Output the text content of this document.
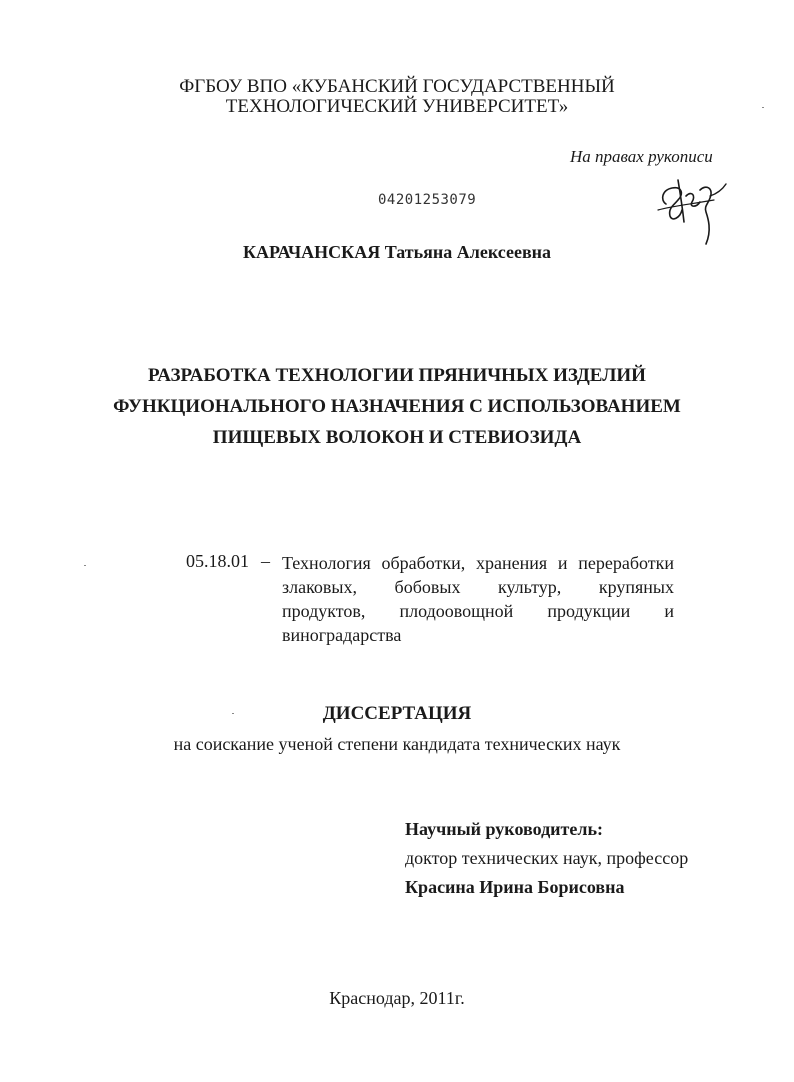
ФГБОУ ВПО «КУБАНСКИЙ ГОСУДАРСТВЕННЫЙ
ТЕХНОЛОГИЧЕСКИЙ УНИВЕРСИТЕТ»
На правах рукописи
04201253079
КАРАЧАНСКАЯ Татьяна Алексеевна
РАЗРАБОТКА ТЕХНОЛОГИИ ПРЯНИЧНЫХ ИЗДЕЛИЙ
ФУНКЦИОНАЛЬНОГО НАЗНАЧЕНИЯ С ИСПОЛЬЗОВАНИЕМ
ПИЩЕВЫХ ВОЛОКОН И СТЕВИОЗИДА
05.18.01 – Технология обработки, хранения и переработки
злаковых, бобовых культур, крупяных
продуктов, плодоовощной продукции и
виноградарства
ДИССЕРТАЦИЯ
на соискание ученой степени кандидата технических наук
Научный руководитель:
доктор технических наук, профессор
Красина Ирина Борисовна
Краснодар, 2011г.
